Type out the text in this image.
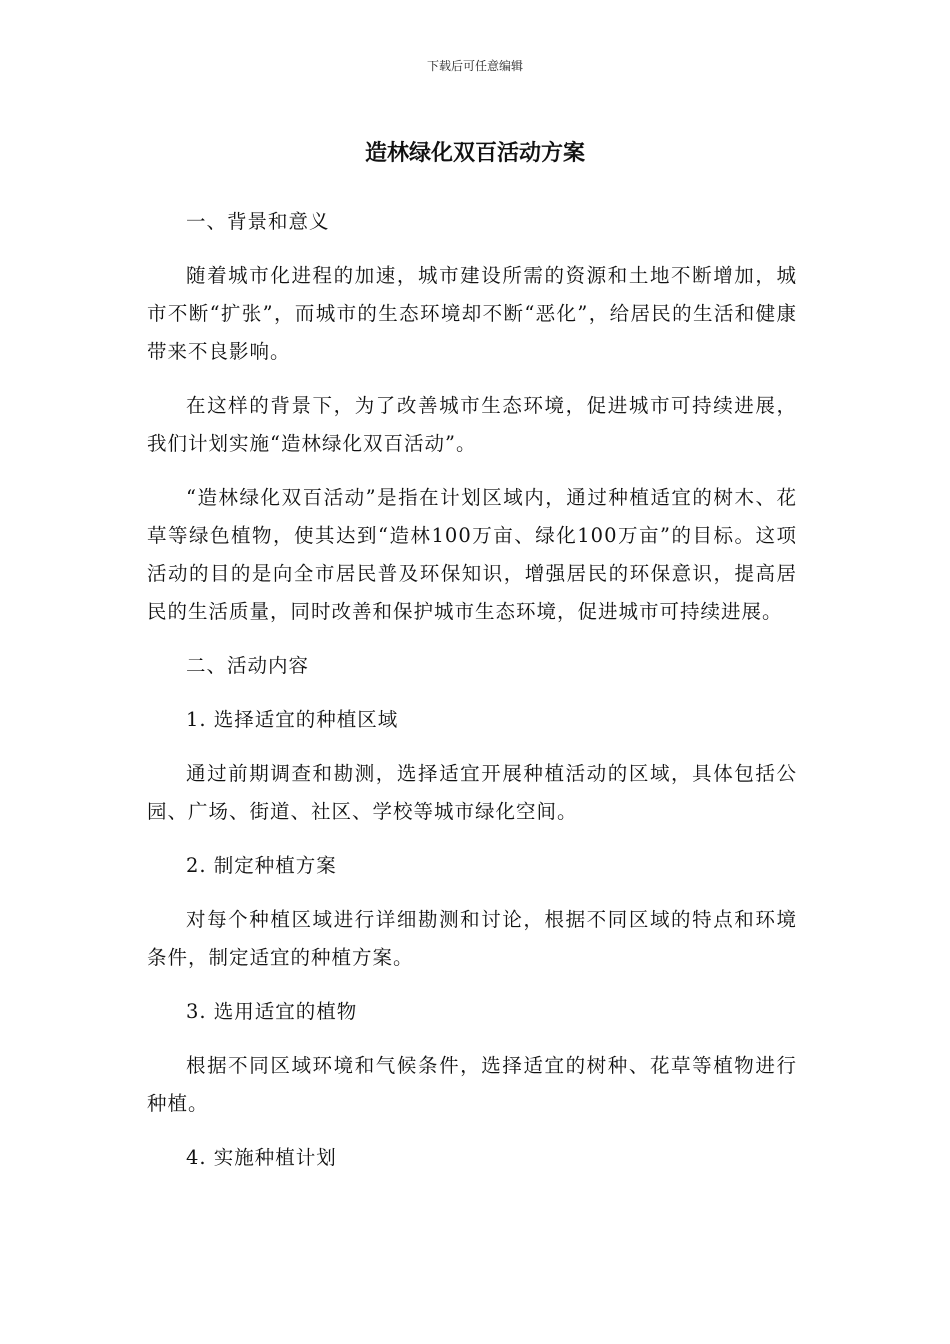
下载后可任意编辑
造林绿化双百活动方案

一、背景和意义

随着城市化进程的加速，城市建设所需的资源和土地不断增加，城市不断“扩张”，而城市的生态环境却不断“恶化”，给居民的生活和健康带来不良影响。

在这样的背景下，为了改善城市生态环境，促进城市可持续进展，我们计划实施“造林绿化双百活动”。

“造林绿化双百活动”是指在计划区域内，通过种植适宜的树木、花草等绿色植物，使其达到“造林100万亩、绿化100万亩”的目标。这项活动的目的是向全市居民普及环保知识，增强居民的环保意识，提高居民的生活质量，同时改善和保护城市生态环境，促进城市可持续进展。

二、活动内容

1. 选择适宜的种植区域

通过前期调查和勘测，选择适宜开展种植活动的区域，具体包括公园、广场、街道、社区、学校等城市绿化空间。

2. 制定种植方案

对每个种植区域进行详细勘测和讨论，根据不同区域的特点和环境条件，制定适宜的种植方案。

3. 选用适宜的植物

根据不同区域环境和气候条件，选择适宜的树种、花草等植物进行种植。

4. 实施种植计划
